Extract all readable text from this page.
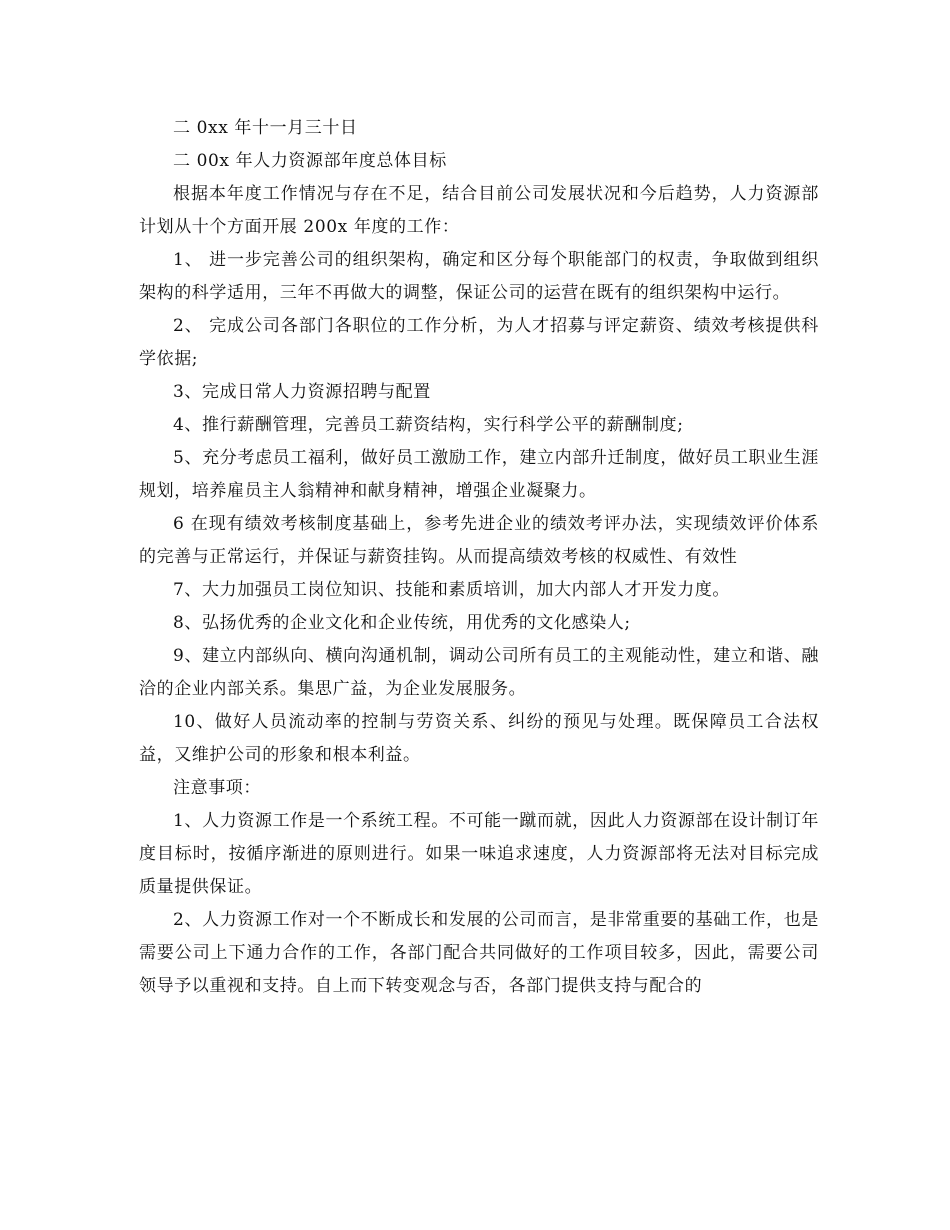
二 0xx 年十一月三十日

二 00x 年人力资源部年度总体目标

根据本年度工作情况与存在不足，结合目前公司发展状况和今后趋势，人力资源部计划从十个方面开展 200x 年度的工作：

1、 进一步完善公司的组织架构，确定和区分每个职能部门的权责，争取做到组织架构的科学适用，三年不再做大的调整，保证公司的运营在既有的组织架构中运行。

2、 完成公司各部门各职位的工作分析，为人才招募与评定薪资、绩效考核提供科学依据;

3、完成日常人力资源招聘与配置

4、推行薪酬管理，完善员工薪资结构，实行科学公平的薪酬制度;

5、充分考虑员工福利，做好员工激励工作，建立内部升迁制度，做好员工职业生涯规划，培养雇员主人翁精神和献身精神，增强企业凝聚力。

6 在现有绩效考核制度基础上，参考先进企业的绩效考评办法，实现绩效评价体系的完善与正常运行，并保证与薪资挂钩。从而提高绩效考核的权威性、有效性

7、大力加强员工岗位知识、技能和素质培训，加大内部人才开发力度。

8、弘扬优秀的企业文化和企业传统，用优秀的文化感染人;

9、建立内部纵向、横向沟通机制，调动公司所有员工的主观能动性，建立和谐、融洽的企业内部关系。集思广益，为企业发展服务。

10、做好人员流动率的控制与劳资关系、纠纷的预见与处理。既保障员工合法权益，又维护公司的形象和根本利益。

注意事项：

1、人力资源工作是一个系统工程。不可能一蹴而就，因此人力资源部在设计制订年度目标时，按循序渐进的原则进行。如果一味追求速度，人力资源部将无法对目标完成质量提供保证。

2、人力资源工作对一个不断成长和发展的公司而言，是非常重要的基础工作，也是需要公司上下通力合作的工作，各部门配合共同做好的工作项目较多，因此，需要公司领导予以重视和支持。自上而下转变观念与否，各部门提供支持与配合的
